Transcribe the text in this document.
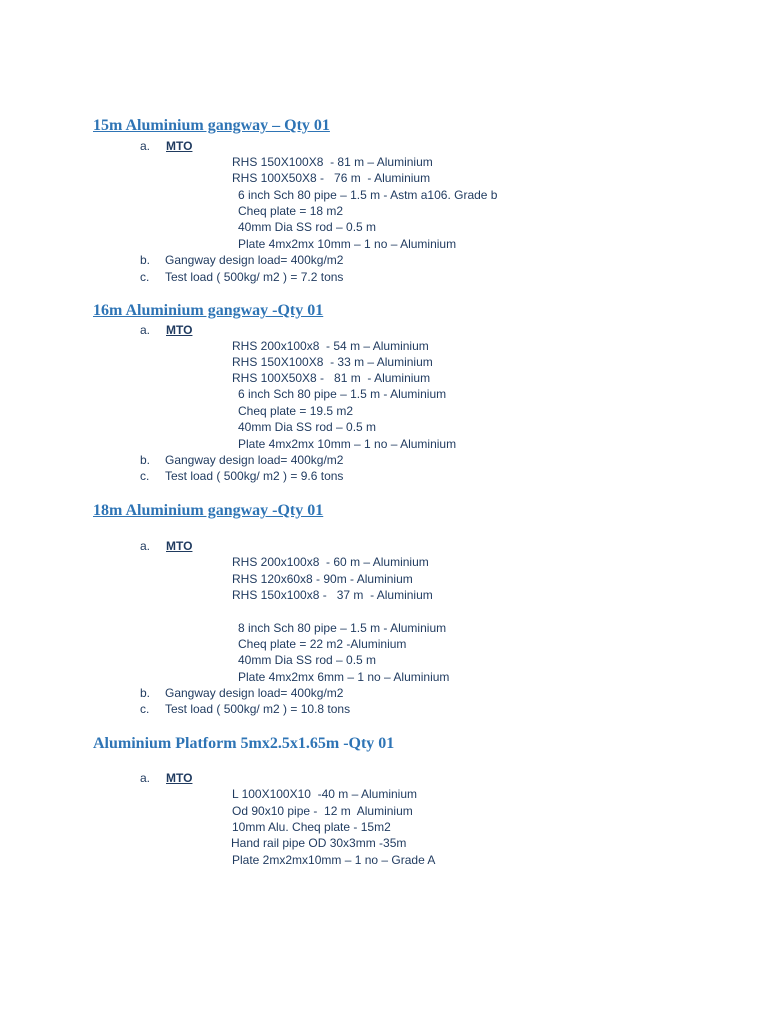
15m Aluminium gangway – Qty 01
a. MTO
RHS 150X100X8  - 81 m – Aluminium
RHS 100X50X8 -   76 m  - Aluminium
6 inch Sch 80 pipe – 1.5 m - Astm a106. Grade b
Cheq plate = 18 m2
40mm Dia SS rod – 0.5 m
Plate 4mx2mx 10mm – 1 no – Aluminium
b. Gangway design load= 400kg/m2
c. Test load ( 500kg/ m2 ) = 7.2 tons
16m Aluminium gangway -Qty 01
a. MTO
RHS 200x100x8  - 54 m – Aluminium
RHS 150X100X8  - 33 m – Aluminium
RHS 100X50X8 -   81 m  - Aluminium
6 inch Sch 80 pipe – 1.5 m - Aluminium
Cheq plate = 19.5 m2
40mm Dia SS rod – 0.5 m
Plate 4mx2mx 10mm – 1 no – Aluminium
b. Gangway design load= 400kg/m2
c. Test load ( 500kg/ m2 ) = 9.6 tons
18m Aluminium gangway -Qty 01
a. MTO
RHS 200x100x8  - 60 m – Aluminium
RHS 120x60x8 - 90m - Aluminium
RHS 150x100x8 -   37 m  - Aluminium
8 inch Sch 80 pipe – 1.5 m - Aluminium
Cheq plate = 22 m2 -Aluminium
40mm Dia SS rod – 0.5 m
Plate 4mx2mx 6mm – 1 no – Aluminium
b. Gangway design load= 400kg/m2
c. Test load ( 500kg/ m2 ) = 10.8 tons
Aluminium Platform 5mx2.5x1.65m -Qty 01
a. MTO
L 100X100X10  -40 m – Aluminium
Od 90x10 pipe -  12 m  Aluminium
10mm Alu. Cheq plate - 15m2
Hand rail pipe OD 30x3mm -35m
Plate 2mx2mx10mm – 1 no – Grade A
